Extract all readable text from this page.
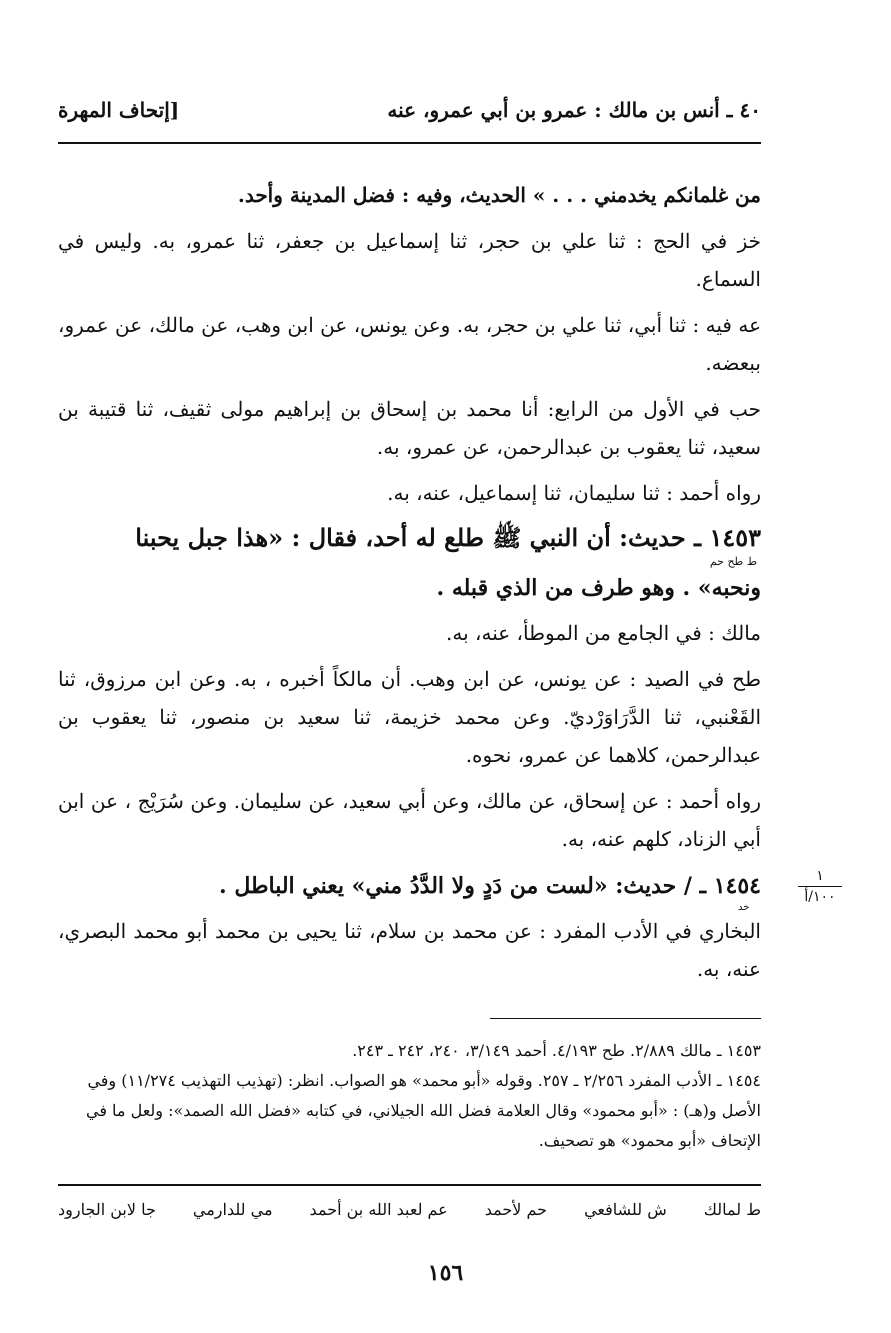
٤٠ ـ أنس بن مالك : عمرو بن أبي عمرو، عنه
[إتحاف المهرة

من غلمانكم يخدمني . . . » الحديث، وفيه : فضل المدينة وأحد.

خز في الحج : ثنا علي بن حجر، ثنا إسماعيل بن جعفر، ثنا عمرو، به. وليس في السماع.

عه فيه : ثنا أبي، ثنا علي بن حجر، به. وعن يونس، عن ابن وهب، عن مالك، عن عمرو، ببعضه.

حب في الأول من الرابع: أنا محمد بن إسحاق بن إبراهيم مولى ثقيف، ثنا قتيبة بن سعيد، ثنا يعقوب بن عبدالرحمن، عن عمرو، به.

رواه أحمد : ثنا سليمان، ثنا إسماعيل، عنه، به.

١٤٥٣ ـ حديث: أن النبي ﷺ طلع له أحد، فقال : «هذا جبل يحبنا

ط طح حم

ونحبه» . وهو طرف من الذي قبله .

مالك : في الجامع من الموطأ، عنه، به.

طح في الصيد : عن يونس، عن ابن وهب. أن مالكاً أخبره ، به. وعن ابن مرزوق، ثنا القَعْنبي، ثنا الدَّرَاوَرْديّ. وعن محمد خزيمة، ثنا سعيد بن منصور، ثنا يعقوب بن عبدالرحمن، كلاهما عن عمرو، نحوه.

رواه أحمد : عن إسحاق، عن مالك، وعن أبي سعيد، عن سليمان. وعن سُرَيْج ، عن ابن أبي الزناد، كلهم عنه، به.

١٤٥٤ ـ / حديث: «لست من دَدٍ ولا الدَّدُ مني» يعني الباطل .

البخاري في الأدب المفرد : عن محمد بن سلام، ثنا يحيى بن محمد أبو محمد البصري، عنه، به.

١
١٠٠/أ
خد

١٤٥٣ ـ مالك ٢/٨٨٩. طح ٤/١٩٣. أحمد ٣/١٤٩، ٢٤٠، ٢٤٢ ـ ٢٤٣.

١٤٥٤ ـ الأدب المفرد ٢/٢٥٦ ـ ٢٥٧. وقوله «أبو محمد» هو الصواب. انظر: (تهذيب التهذيب ١١/٢٧٤) وفي الأصل و(هـ) : «أبو محمود» وقال العلامة فضل الله الجيلاني، في كتابه «فضل الله الصمد»: ولعل ما في الإتحاف «أبو محمود» هو تصحيف.

ط لمالك
ش للشافعي
حم لأحمد
عم لعبد الله بن أحمد
مي للدارمي
جا لابن الجارود
١٥٦
